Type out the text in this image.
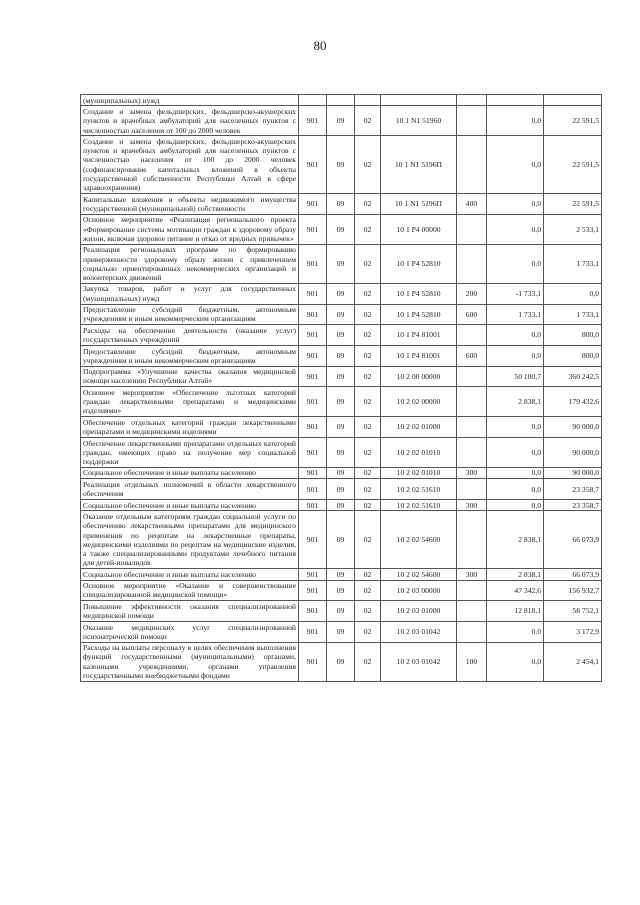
80
(муниципальных) нужд							
Создание и замена фельдшерских, фельдшерско-акушерских пунктов и врачебных амбулаторий для населенных пунктов с численностью населения от 100 до 2000 человек	901	09	02	10 1 N1 51960		0,0	22 591,5
Создание и замена фельдшерских, фельдшерско-акушерских пунктов и врачебных амбулаторий для населенных пунктов с численностью населения от 100 до 2000 человек (софинансирование капитальных вложений в объекты государственной собственности Республики Алтай в сфере здравоохранения)	901	09	02	10 1 N1 5196П		0,0	22 591,5
Капитальные вложения в объекты недвижимого имущества государственной (муниципальной) собственности	901	09	02	10 1 N1 5196П	400	0,0	22 591,5
Основное мероприятие «Реализация регионального проекта «Формирование системы мотивации граждан к здоровому образу жизни, включая здоровое питание и отказ от вредных привычек»	901	09	02	10 1 P4 00000		0,0	2 533,1
Реализация региональных программ по формированию приверженности здоровому образу жизни с привлечением социально ориентированных некоммерческих организаций и волонтерских движений	901	09	02	10 1 P4 52810		0,0	1 733,1
Закупка товаров, работ и услуг для государственных (муниципальных) нужд	901	09	02	10 1 P4 52810	200	-1 733,1	0,0
Предоставление субсидий бюджетным, автономным учреждениям и иным некоммерческим организациям	901	09	02	10 1 P4 52810	600	1 733,1	1 733,1
Расходы на обеспечение деятельности (оказание услуг) государственных учреждений	901	09	02	10 1 P4 81001		0,0	800,0
Предоставление субсидий бюджетным, автономным учреждениям и иным некоммерческим организациям	901	09	02	10 1 P4 81001	600	0,0	800,0
Подпрограмма «Улучшение качества оказания медицинской помощи населению Республики Алтай»	901	09	02	10 2 00 00000		50 180,7	360 242,5
Основное мероприятие «Обеспечение льготных категорий граждан лекарственными препаратами и медицинскими изделиями»	901	09	02	10 2 02 00000		2 838,1	179 432,6
Обеспечение отдельных категорий граждан лекарственными препаратами и медицинскими изделиями	901	09	02	10 2 02 01000		0,0	90 000,0
Обеспечение лекарственными препаратами отдельных категорий граждан, имеющих право на получение мер социальной поддержки	901	09	02	10 2 02 01010		0,0	90 000,0
Социальное обеспечение и иные выплаты населению	901	09	02	10 2 02 01010	300	0,0	90 000,0
Реализация отдельных полномочий в области лекарственного обеспечения	901	09	02	10 2 02 51610		0,0	23 358,7
Социальное обеспечение и иные выплаты населению	901	09	02	10 2 02 51610	300	0,0	23 358,7
Оказание отдельным категориям граждан социальной услуги по обеспечению лекарственными препаратами для медицинского применения по рецептам на лекарственные препараты, медицинскими изделиями по рецептам на медицинские изделия, а также специализированными продуктами лечебного питания для детей-инвалидов	901	09	02	10 2 02 54600		2 838,1	66 073,9
Социальное обеспечение и иные выплаты населению	901	09	02	10 2 02 54600	300	2 838,1	66 073,9
Основное мероприятие «Оказание и совершенствование специализированной медицинской помощи»	901	09	02	10 2 03 00000		47 342,6	156 932,7
Повышение эффективности оказания специализированной медицинской помощи	901	09	02	10 2 03 01000		12 818,1	58 752,1
Оказание медицинских услуг специализированной психиатрической помощи	901	09	02	10 2 03 01042		0,0	3 172,9
Расходы на выплаты персоналу в целях обеспечения выполнения функций государственными (муниципальными) органами, казенными учреждениями, органами управления государственными внебюджетными фондами	901	09	02	10 2 03 01042	100	0,0	2 454,1
